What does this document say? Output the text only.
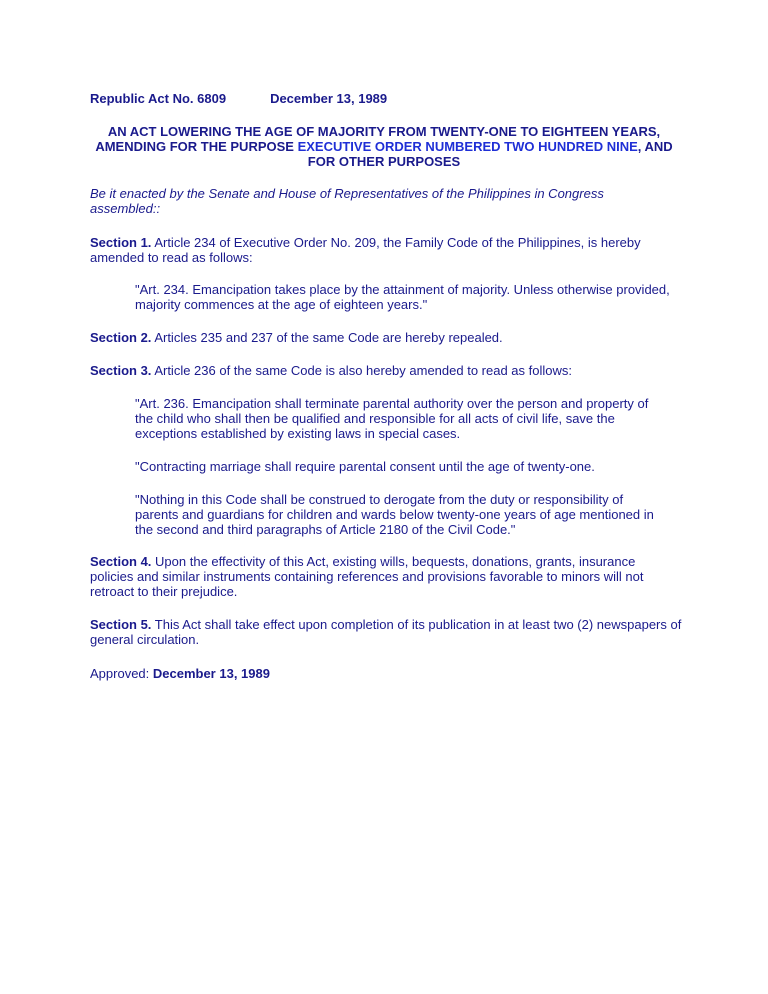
Republic Act No. 6809	December 13, 1989

AN ACT LOWERING THE AGE OF MAJORITY FROM TWENTY-ONE TO EIGHTEEN YEARS, AMENDING FOR THE PURPOSE EXECUTIVE ORDER NUMBERED TWO HUNDRED NINE, AND FOR OTHER PURPOSES

Be it enacted by the Senate and House of Representatives of the Philippines in Congress assembled::

Section 1. Article 234 of Executive Order No. 209, the Family Code of the Philippines, is hereby amended to read as follows:

"Art. 234. Emancipation takes place by the attainment of majority. Unless otherwise provided, majority commences at the age of eighteen years."

Section 2. Articles 235 and 237 of the same Code are hereby repealed.

Section 3. Article 236 of the same Code is also hereby amended to read as follows:

"Art. 236. Emancipation shall terminate parental authority over the person and property of the child who shall then be qualified and responsible for all acts of civil life, save the exceptions established by existing laws in special cases.

"Contracting marriage shall require parental consent until the age of twenty-one.

"Nothing in this Code shall be construed to derogate from the duty or responsibility of parents and guardians for children and wards below twenty-one years of age mentioned in the second and third paragraphs of Article 2180 of the Civil Code."

Section 4. Upon the effectivity of this Act, existing wills, bequests, donations, grants, insurance policies and similar instruments containing references and provisions favorable to minors will not retroact to their prejudice.

Section 5. This Act shall take effect upon completion of its publication in at least two (2) newspapers of general circulation.

Approved: December 13, 1989
